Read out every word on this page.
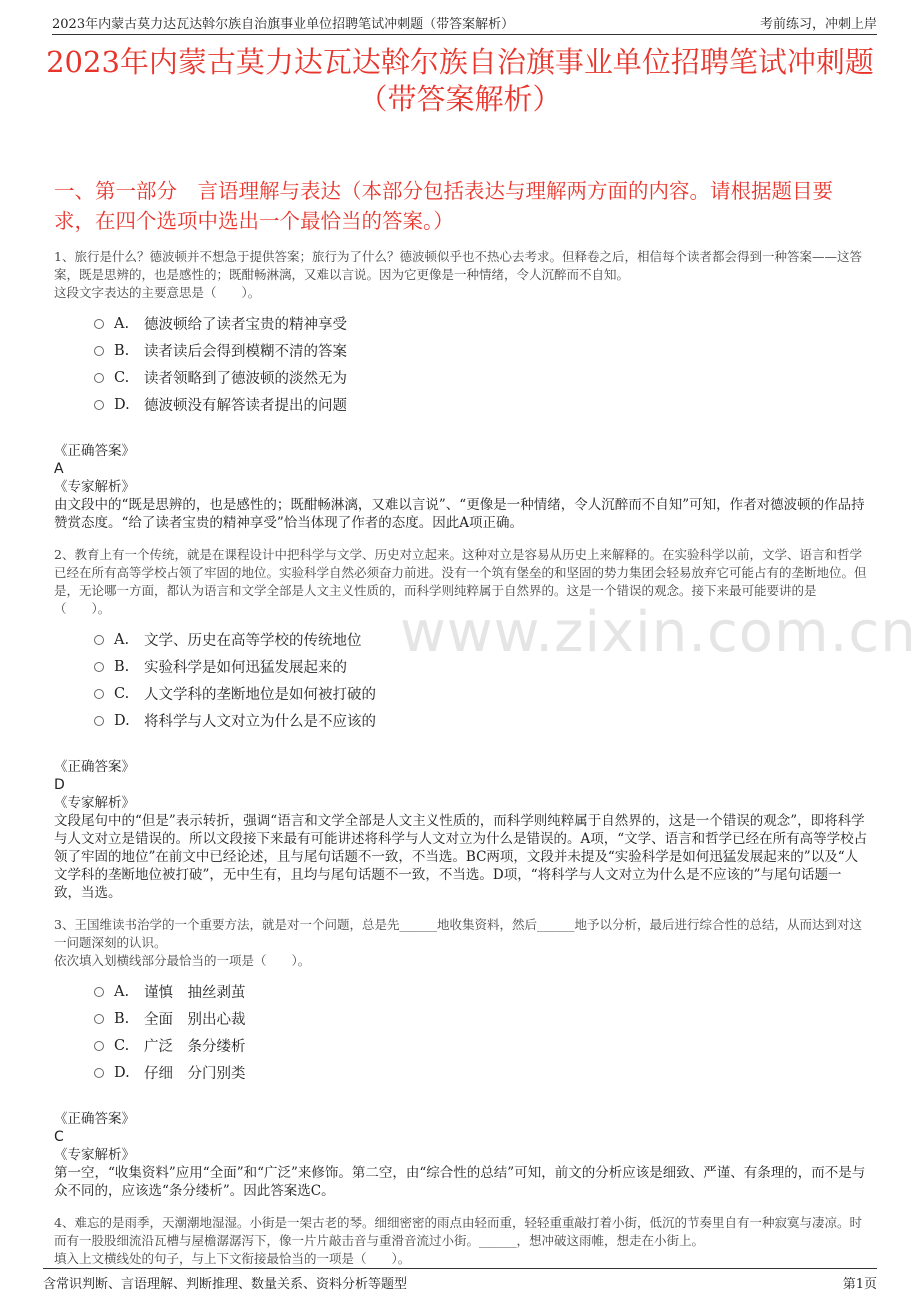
2023年内蒙古莫力达瓦达斡尔族自治旗事业单位招聘笔试冲刺题（带答案解析）	考前练习，冲刺上岸
2023年内蒙古莫力达瓦达斡尔族自治旗事业单位招聘笔试冲刺题（带答案解析）
一、第一部分　言语理解与表达（本部分包括表达与理解两方面的内容。请根据题目要求，在四个选项中选出一个最恰当的答案。）
www.zixin.com.cn
1、旅行是什么？德波顿并不想急于提供答案；旅行为了什么？德波顿似乎也不热心去考求。但释卷之后，相信每个读者都会得到一种答案——这答案，既是思辨的，也是感性的；既酣畅淋漓，又难以言说。因为它更像是一种情绪，令人沉醉而不自知。
这段文字表达的主要意思是（　　）。
A.	德波顿给了读者宝贵的精神享受
B.	读者读后会得到模糊不清的答案
C.	读者领略到了德波顿的淡然无为
D. 德波顿没有解答读者提出的问题
《正确答案》
A
《专家解析》
由文段中的“既是思辨的，也是感性的；既酣畅淋漓，又难以言说”、“更像是一种情绪，令人沉醉而不自知”可知，作者对德波顿的作品持赞赏态度。“给了读者宝贵的精神享受”恰当体现了作者的态度。因此A项正确。
2、教育上有一个传统，就是在课程设计中把科学与文学、历史对立起来。这种对立是容易从历史上来解释的。在实验科学以前，文学、语言和哲学已经在所有高等学校占领了牢固的地位。实验科学自然必须奋力前进。没有一个筑有堡垒的和坚固的势力集团会轻易放弃它可能占有的垄断地位。但是，无论哪一方面，都认为语言和文学全部是人文主义性质的，而科学则纯粹属于自然界的。这是一个错误的观念。接下来最可能要讲的是（　　）。
A.	文学、历史在高等学校的传统地位
B.	实验科学是如何迅猛发展起来的
C.	人文学科的垄断地位是如何被打破的
D. 将科学与人文对立为什么是不应该的
《正确答案》
D
《专家解析》
文段尾句中的“但是”表示转折，强调“语言和文学全部是人文主义性质的，而科学则纯粹属于自然界的，这是一个错误的观念”，即将科学与人文对立是错误的。所以文段接下来最有可能讲述将科学与人文对立为什么是错误的。A项，“文学、语言和哲学已经在所有高等学校占领了牢固的地位”在前文中已经论述，且与尾句话题不一致，不当选。BC两项，文段并未提及“实验科学是如何迅猛发展起来的”以及“人文学科的垄断地位被打破”，无中生有，且均与尾句话题不一致，不当选。D项，“将科学与人文对立为什么是不应该的”与尾句话题一致，当选。
3、王国维读书治学的一个重要方法，就是对一个问题，总是先______地收集资料，然后______地予以分析，最后进行综合性的总结，从而达到对这一问题深刻的认识。
依次填入划横线部分最恰当的一项是（　　）。
A.	谨慎　抽丝剥茧
B.	全面　别出心裁
C.	广泛　条分缕析
D. 仔细　分门别类
《正确答案》
C
《专家解析》
第一空，“收集资料”应用“全面”和“广泛”来修饰。第二空，由“综合性的总结”可知，前文的分析应该是细致、严谨、有条理的，而不是与众不同的，应该选“条分缕析”。因此答案选C。
4、难忘的是雨季，天潮潮地湿湿。小街是一架古老的琴。细细密密的雨点由轻而重，轻轻重重敲打着小街，低沉的节奏里自有一种寂寞与凄凉。时而有一股股细流沿瓦槽与屋檐潺潺泻下，像一片片敲击音与重滑音流过小街。______，想冲破这雨帷，想走在小街上。
填入上文横线处的句子，与上下文衔接最恰当的一项是（　　）。
含常识判断、言语理解、判断推理、数量关系、资料分析等题型	第1页
